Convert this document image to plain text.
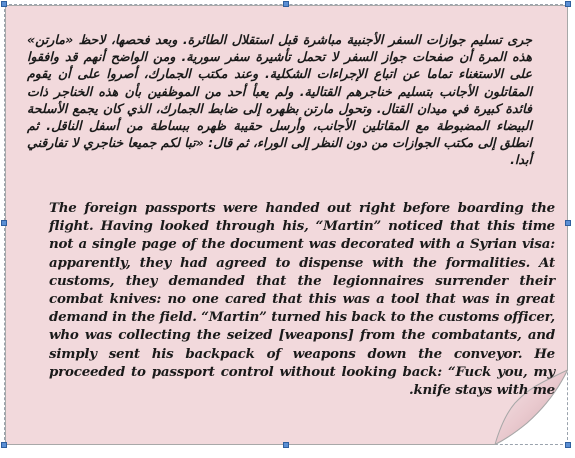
جرى تسليم جوازات السفر الأجنبية مباشرة قبل استقلال الطائرة. وبعد فحصها، لاحظ «مارتن» هذه المرة أن صفحات جواز السفر لا تحمل تأشيرة سفر سورية. ومن الواضح أنهم قد وافقوا على الاستغناء تماما عن اتباع الإجراءات الشكلية. وعند مكتب الجمارك، أصروا على أن يقوم المقاتلون الأجانب بتسليم خناجرهم القتالية. ولم يعبأ أحد من الموظفين بأن هذه الخناجر ذات فائدة كبيرة في ميدان القتال. وتحول مارتن بظهره إلى ضابط الجمارك، الذي كان يجمع الأسلحة البيضاء المضبوطة مع المقاتلين الأجانب، وأرسل حقيبة ظهره ببساطة من أسفل الناقل. ثم انطلق إلى مكتب الجوازات من دون النظر إلى الوراء، ثم قال: «تبا لكم جميعا خناجري لا تفارقني أبدا.
The foreign passports were handed out right before boarding the flight. Having looked through his, “Martin” noticed that this time not a single page of the document was decorated with a Syrian visa: apparently, they had agreed to dispense with the formalities. At customs, they demanded that the legionnaires surrender their combat knives: no one cared that this was a tool that was in great demand in the field. “Martin” turned his back to the customs officer, who was collecting the seized [weapons] from the combatants, and simply sent his backpack of weapons down the conveyor. He proceeded to passport control without looking back: “Fuck you, my knife stays with me.
